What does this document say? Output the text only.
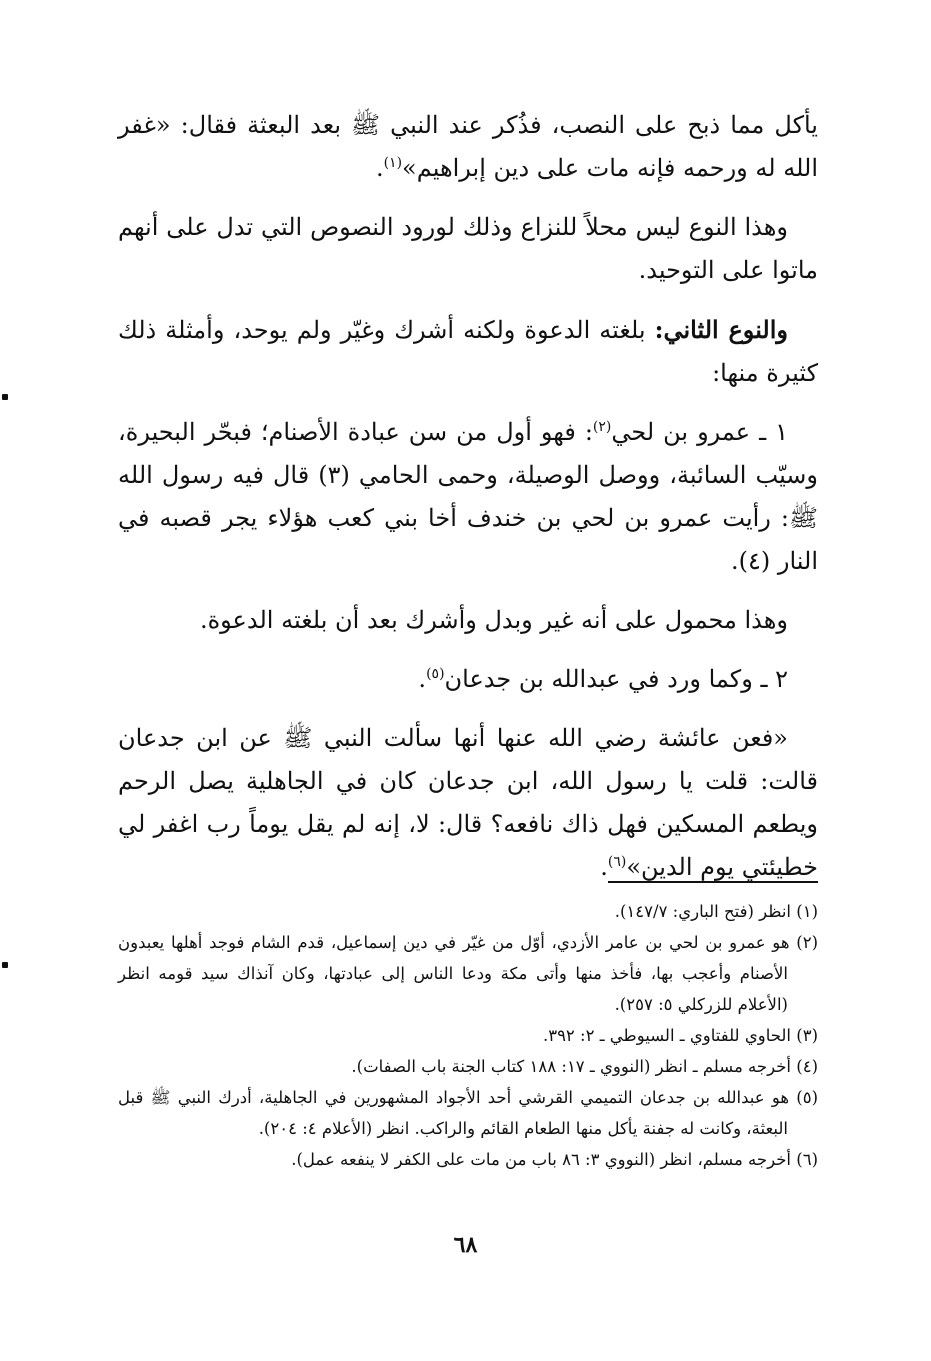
يأكل مما ذبح على النصب، فذُكر عند النبي ﷺ بعد البعثة فقال: «غفر الله له ورحمه فإنه مات على دين إبراهيم»$^{(١)}$.

وهذا النوع ليس محلاً للنزاع وذلك لورود النصوص التي تدل على أنهم ماتوا على التوحيد.

والنوع الثاني: بلغته الدعوة ولكنه أشرك وغيّر ولم يوحد، وأمثلة ذلك كثيرة منها:

١ ـ عمرو بن لحي$^{(٢)}$: فهو أول من سن عبادة الأصنام؛ فبحّر البحيرة، وسيّب السائبة، ووصل الوصيلة، وحمى الحامي (٣) قال فيه رسول الله ﷺ: رأيت عمرو بن لحي بن خندف أخا بني كعب هؤلاء يجر قصبه في النار (٤).

وهذا محمول على أنه غير وبدل وأشرك بعد أن بلغته الدعوة.

٢ ـ وكما ورد في عبدالله بن جدعان$^{(٥)}$.

«فعن عائشة رضي الله عنها أنها سألت النبي ﷺ عن ابن جدعان قالت: قلت يا رسول الله، ابن جدعان كان في الجاهلية يصل الرحم ويطعم المسكين فهل ذاك نافعه؟ قال: لا، إنه لم يقل يوماً رب اغفر لي خطيئتي يوم الدين»$^{(٦)}$.

(١) انظر (فتح الباري: ١٤٧/٧).

(٢) هو عمرو بن لحي بن عامر الأزدي، أوّل من غيّر في دين إسماعيل، قدم الشام فوجد أهلها يعبدون الأصنام وأعجب بها، فأخذ منها وأتى مكة ودعا الناس إلى عبادتها، وكان آنذاك سيد قومه انظر (الأعلام للزركلي ٥: ٢٥٧).

(٣) الحاوي للفتاوي ـ السيوطي ـ ٢: ٣٩٢.

(٤) أخرجه مسلم ـ انظر (النووي ـ ١٧: ١٨٨ كتاب الجنة باب الصفات).

(٥) هو عبدالله بن جدعان التميمي القرشي أحد الأجواد المشهورين في الجاهلية، أدرك النبي ﷺ قبل البعثة، وكانت له جفنة يأكل منها الطعام القائم والراكب. انظر (الأعلام ٤: ٢٠٤).

(٦) أخرجه مسلم، انظر (النووي ٣: ٨٦ باب من مات على الكفر لا ينفعه عمل).

٦٨
